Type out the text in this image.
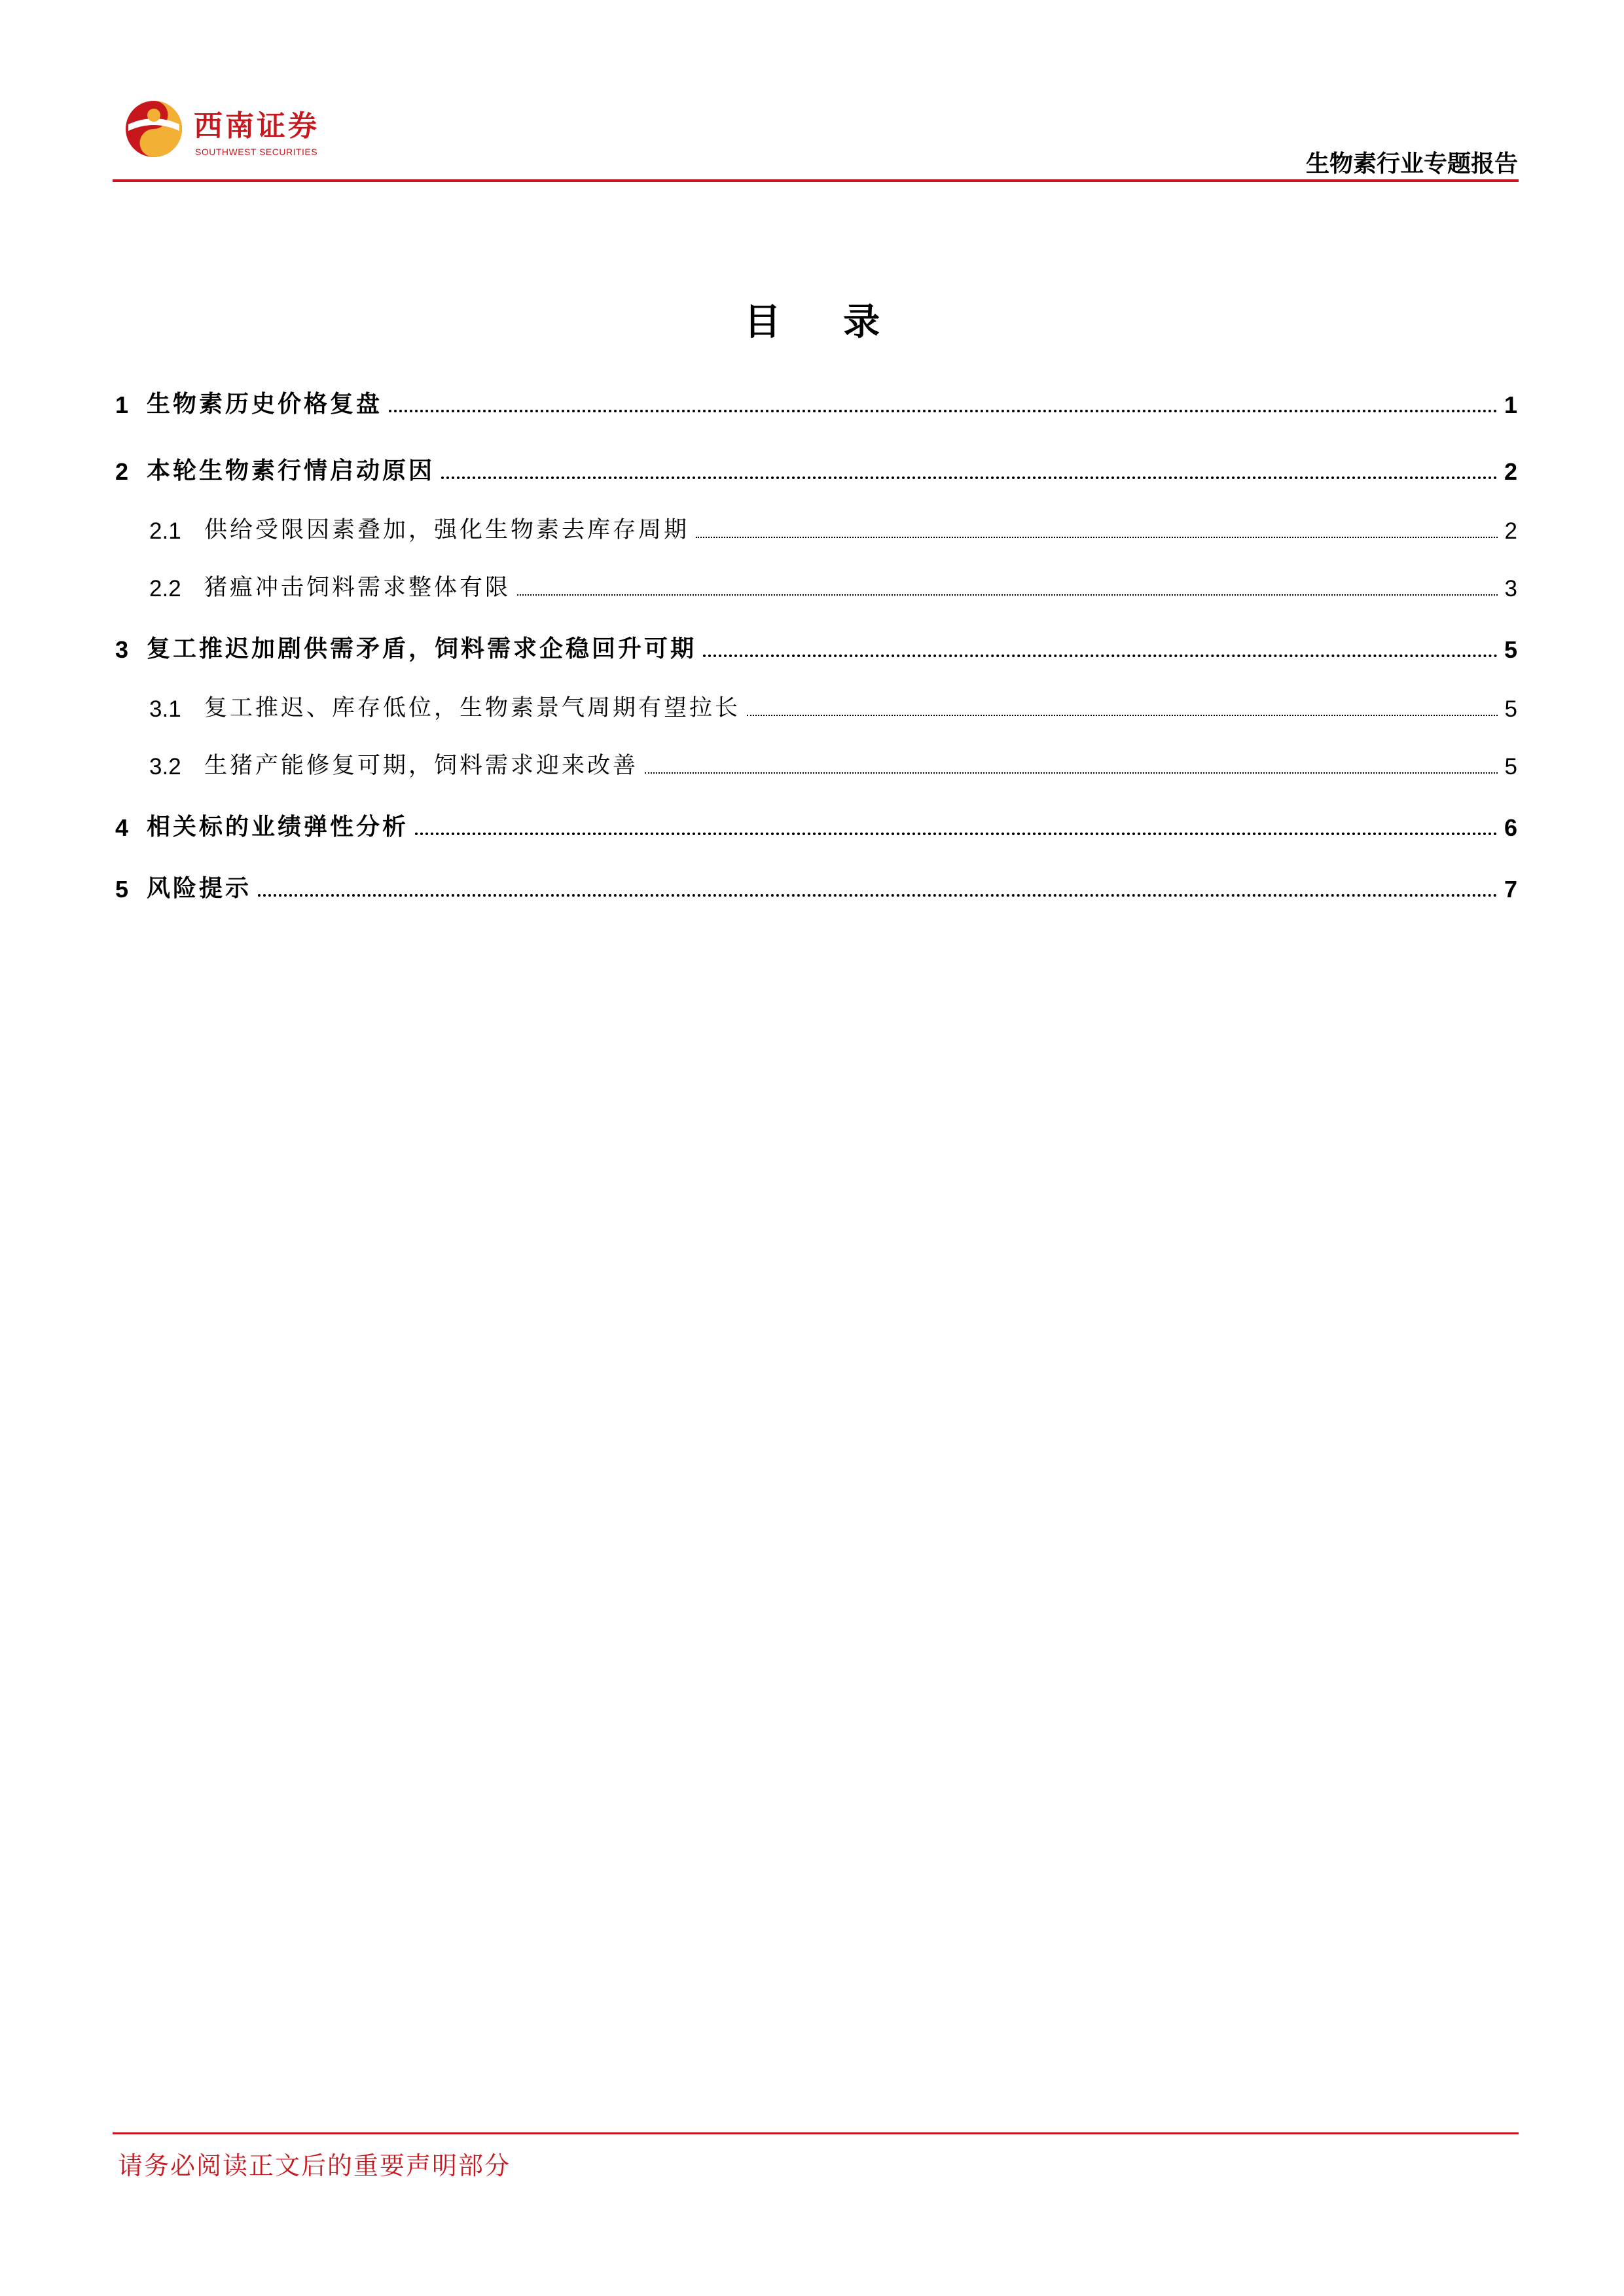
西南证券
SOUTHWEST SECURITIES	生物素行业专题报告
目 录
1 生物素历史价格复盘	1
2 本轮生物素行情启动原因	2
2.1	供给受限因素叠加，强化生物素去库存周期	2
2.2	猪瘟冲击饲料需求整体有限	3
3 复工推迟加剧供需矛盾，饲料需求企稳回升可期	5
3.1	复工推迟、库存低位，生物素景气周期有望拉长	5
3.2	生猪产能修复可期，饲料需求迎来改善	5
4 相关标的业绩弹性分析	6
5 风险提示	7
请务必阅读正文后的重要声明部分
